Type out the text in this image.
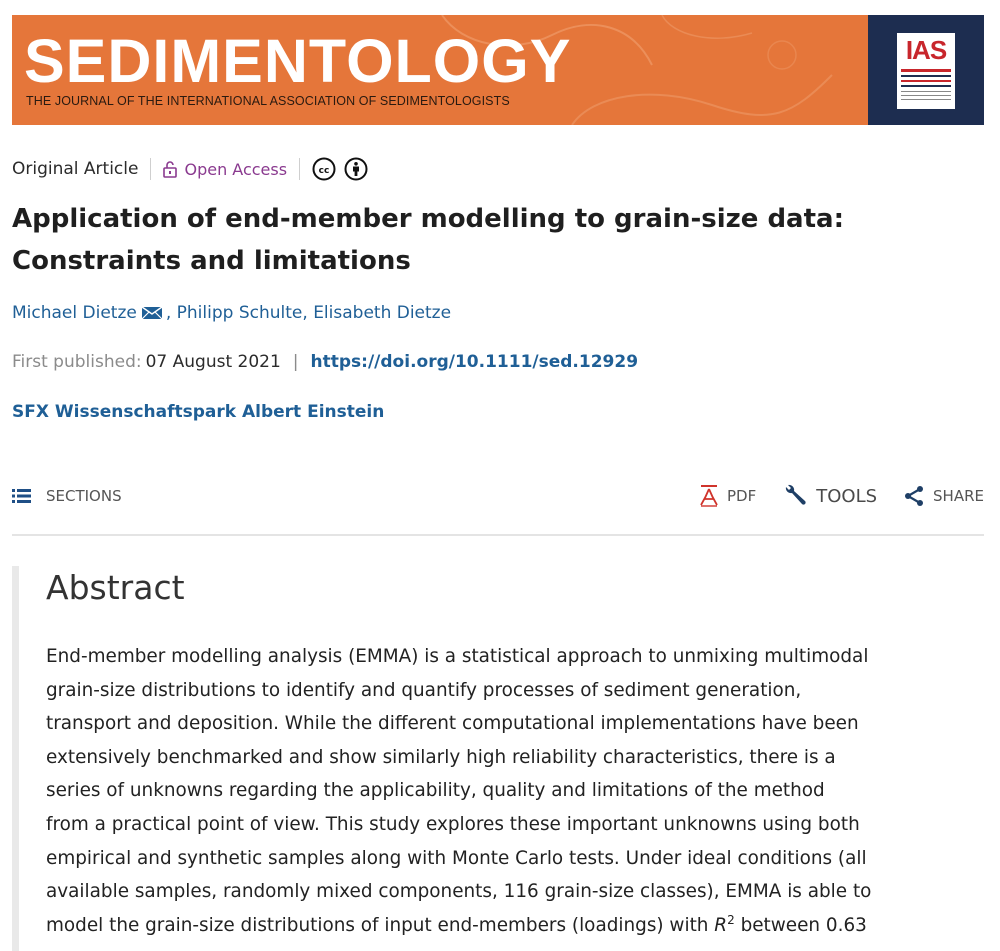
SEDIMENTOLOGY
THE JOURNAL OF THE INTERNATIONAL ASSOCIATION OF SEDIMENTOLOGISTS
IAS
Original Article	Open Access	cc
Application of end-member modelling to grain-size data:
Constraints and limitations
Michael Dietze , Philipp Schulte , Elisabeth Dietze
First published: 07 August 2021 | https://doi.org/10.1111/sed.12929
SFX Wissenschaftspark Albert Einstein
SECTIONS	PDF	TOOLS	SHARE
Abstract
End-member modelling analysis (EMMA) is a statistical approach to unmixing multimodal
grain-size distributions to identify and quantify processes of sediment generation,
transport and deposition. While the different computational implementations have been
extensively benchmarked and show similarly high reliability characteristics, there is a
series of unknowns regarding the applicability, quality and limitations of the method
from a practical point of view. This study explores these important unknowns using both
empirical and synthetic samples along with Monte Carlo tests. Under ideal conditions (all
available samples, randomly mixed components, 116 grain-size classes), EMMA is able to
model the grain-size distributions of input end-members (loadings) with $R^2$ between 0.63
